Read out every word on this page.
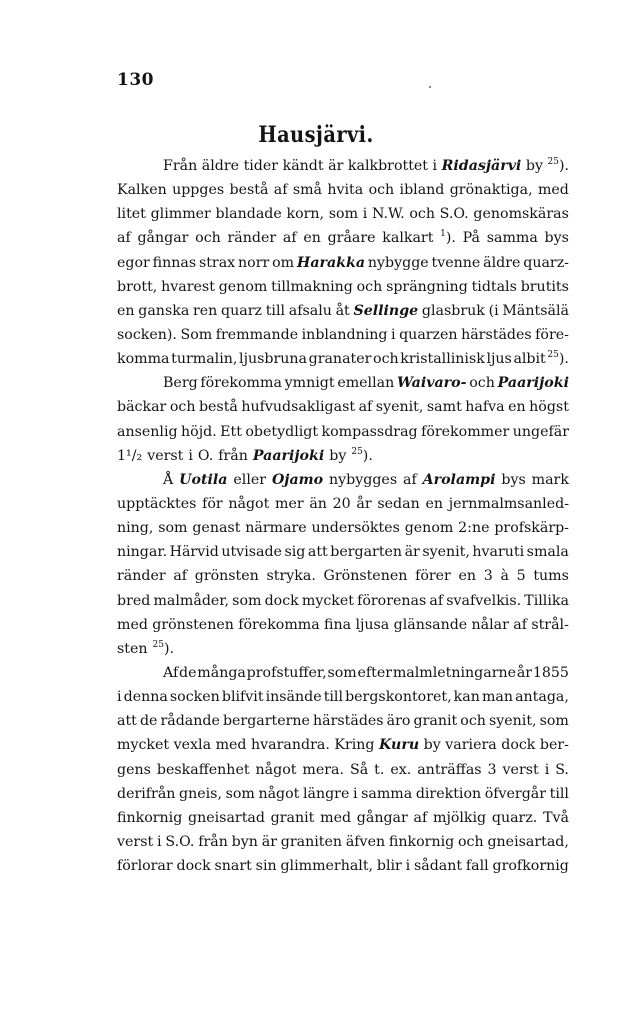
130
Hausjärvi.
Från äldre tider kändt är kalkbrottet i Ridasjärvi by $^{25}$).
Kalken uppges bestå af små hvita och ibland grönaktiga, med
litet glimmer blandade korn, som i N.W. och S.O. genomskäras
af gångar och ränder af en gråare kalkart $^1$). På samma bys
egor finnas strax norr om Harakka nybygge tvenne äldre quarz-
brott, hvarest genom tillmakning och sprängning tidtals brutits
en ganska ren quarz till afsalu åt Sellinge glasbruk (i Mäntsälä
socken). Som fremmande inblandning i quarzen härstädes före-
komma turmalin, ljusbruna granater och kristallinisk ljus albit $^{25}$).
Berg förekomma ymnigt emellan Waivaro- och Paarijoki
bäckar och bestå hufvudsakligast af syenit, samt hafva en högst
ansenlig höjd. Ett obetydligt kompassdrag förekommer ungefär
1¹/₂ verst i O. från Paarijoki by $^{25}$).
Å Uotila eller Ojamo nybygges af Arolampi bys mark
upptäcktes för något mer än 20 år sedan en jernmalmsanled-
ning, som genast närmare undersöktes genom 2:ne profskärp-
ningar. Härvid utvisade sig att bergarten är syenit, hvaruti smala
ränder af grönsten stryka. Grönstenen förer en 3 à 5 tums
bred malmåder, som dock mycket förorenas af svafvelkis. Tillika
med grönstenen förekomma fina ljusa glänsande nålar af strål-
sten $^{25}$).
Af de många profstuffer, som efter malmletningarne år 1855
i denna socken blifvit insände till bergskontoret, kan man antaga,
att de rådande bergarterne härstädes äro granit och syenit, som
mycket vexla med hvarandra. Kring Kuru by variera dock ber-
gens beskaffenhet något mera. Så t. ex. anträffas 3 verst i S.
derifrån gneis, som något längre i samma direktion öfvergår till
finkornig gneisartad granit med gångar af mjölkig quarz. Två
verst i S.O. från byn är graniten äfven finkornig och gneisartad,
förlorar dock snart sin glimmerhalt, blir i sådant fall grofkornig
